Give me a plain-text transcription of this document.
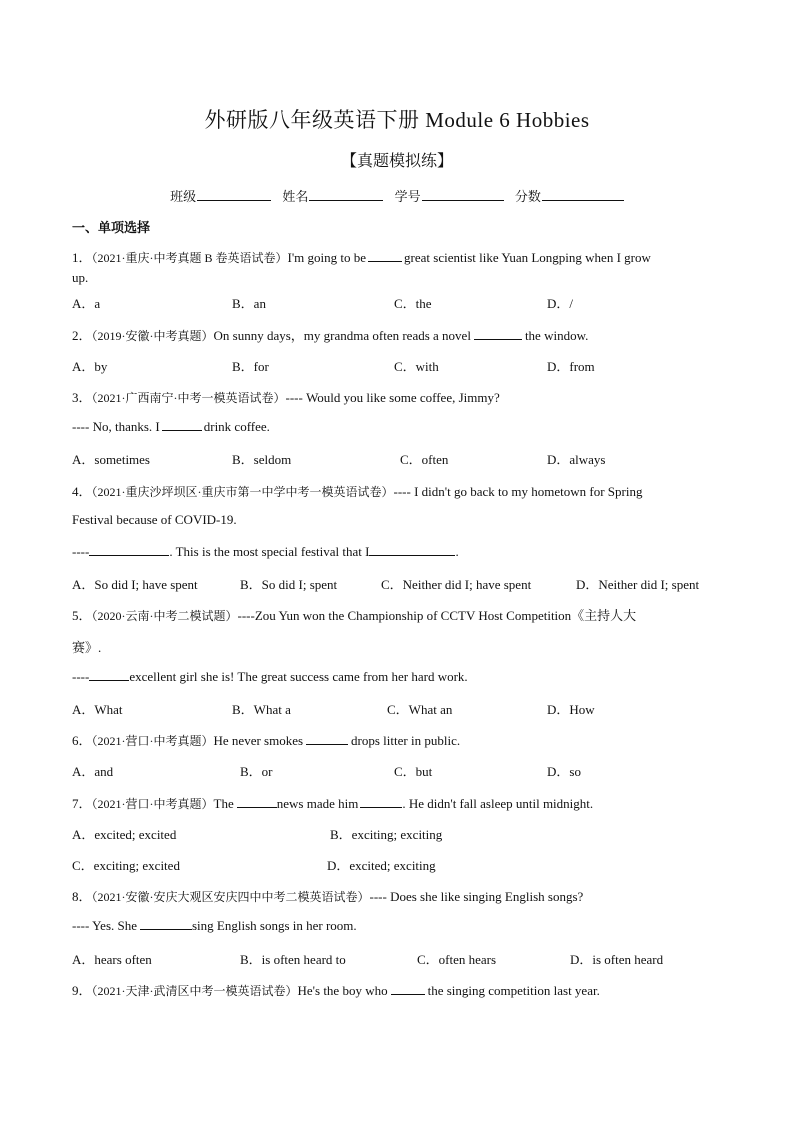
外研版八年级英语下册 Module 6 Hobbies
【真题模拟练】
班级	姓名	学号	分数
一、单项选择
1．（2021·重庆·中考真题 B 卷英语试卷）I'm going to be	great scientist like Yuan Longping when I grow
up.
A．a	B．an	C．the	D．/
2．（2019·安徽·中考真题）On sunny days，my grandma often reads a novel	the window.
A．by	B．for	C．with	D．from
3．（2021·广西南宁·中考一模英语试卷）---- Would you like some coffee, Jimmy?
---- No, thanks. I	drink coffee.
A．sometimes	B．seldom	C．often	D．always
4．（2021·重庆沙坪坝区·重庆市第一中学中考一模英语试卷）---- I didn't go back to my hometown for Spring
Festival because of COVID-19.
----	. This is the most special festival that I	.
A．So did I; have spent	B．So did I; spent	C．Neither did I; have spent	D．Neither did I; spent
5．（2020·云南·中考二模试题）----Zou Yun won the Championship of CCTV Host Competition《主持人大
赛》.
----	excellent girl she is! The great success came from her hard work.
A．What	B．What a	C．What an	D．How
6．（2021·营口·中考真题）He never smokes	drops litter in public.
A．and	B．or	C．but	D．so
7．（2021·营口·中考真题）The	news made him	. He didn't fall asleep until midnight.
A．excited; excited	B．exciting; exciting
C．exciting; excited	D．excited; exciting
8．（2021·安徽·安庆大观区安庆四中中考二模英语试卷）---- Does she like singing English songs?
---- Yes. She	sing English songs in her room.
A．hears often	B．is often heard to	C．often hears	D．is often heard
9．（2021·天津·武清区中考一模英语试卷）He's the boy who	the singing competition last year.
